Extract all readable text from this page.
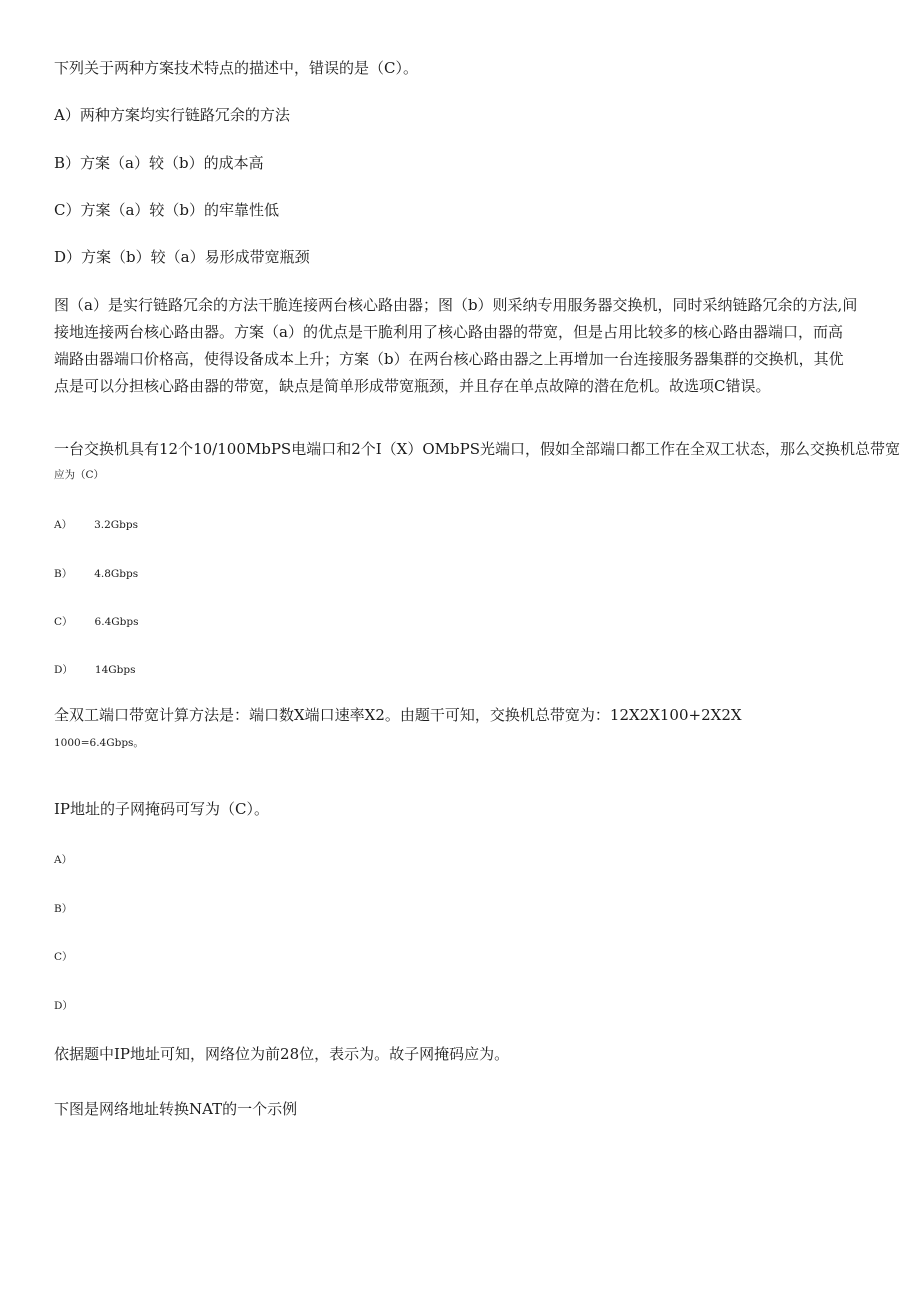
下列关于两种方案技术特点的描述中，错误的是（C）。
A）两种方案均实行链路冗余的方法
B）方案（a）较（b）的成本高
C）方案（a）较（b）的牢靠性低
D）方案（b）较（a）易形成带宽瓶颈
图（a）是实行链路冗余的方法干脆连接两台核心路由器；图（b）则采纳专用服务器交换机，同时采纳链路冗余的方法,间
接地连接两台核心路由器。方案（a）的优点是干脆利用了核心路由器的带宽，但是占用比较多的核心路由器端口，而高
端路由器端口价格高，使得设备成本上升；方案（b）在两台核心路由器之上再增加一台连接服务器集群的交换机，其优
点是可以分担核心路由器的带宽，缺点是简单形成带宽瓶颈，并且存在单点故障的潜在危机。故选项C错误。
一台交换机具有12个10/100MbPS电端口和2个I（X）OMbPS光端口，假如全部端口都工作在全双工状态，那么交换机总带宽
应为（C）
A） 3.2Gbps
B） 4.8Gbps
C） 6.4Gbps
D） 14Gbps
全双工端口带宽计算方法是：端口数X端口速率X2。由题干可知，交换机总带宽为：12X2X100+2X2X
1000=6.4Gbps。
IP地址的子网掩码可写为（C）。
A）
B）
C）
D）
依据题中IP地址可知，网络位为前28位，表示为。故子网掩码应为。
下图是网络地址转换NAT的一个示例
